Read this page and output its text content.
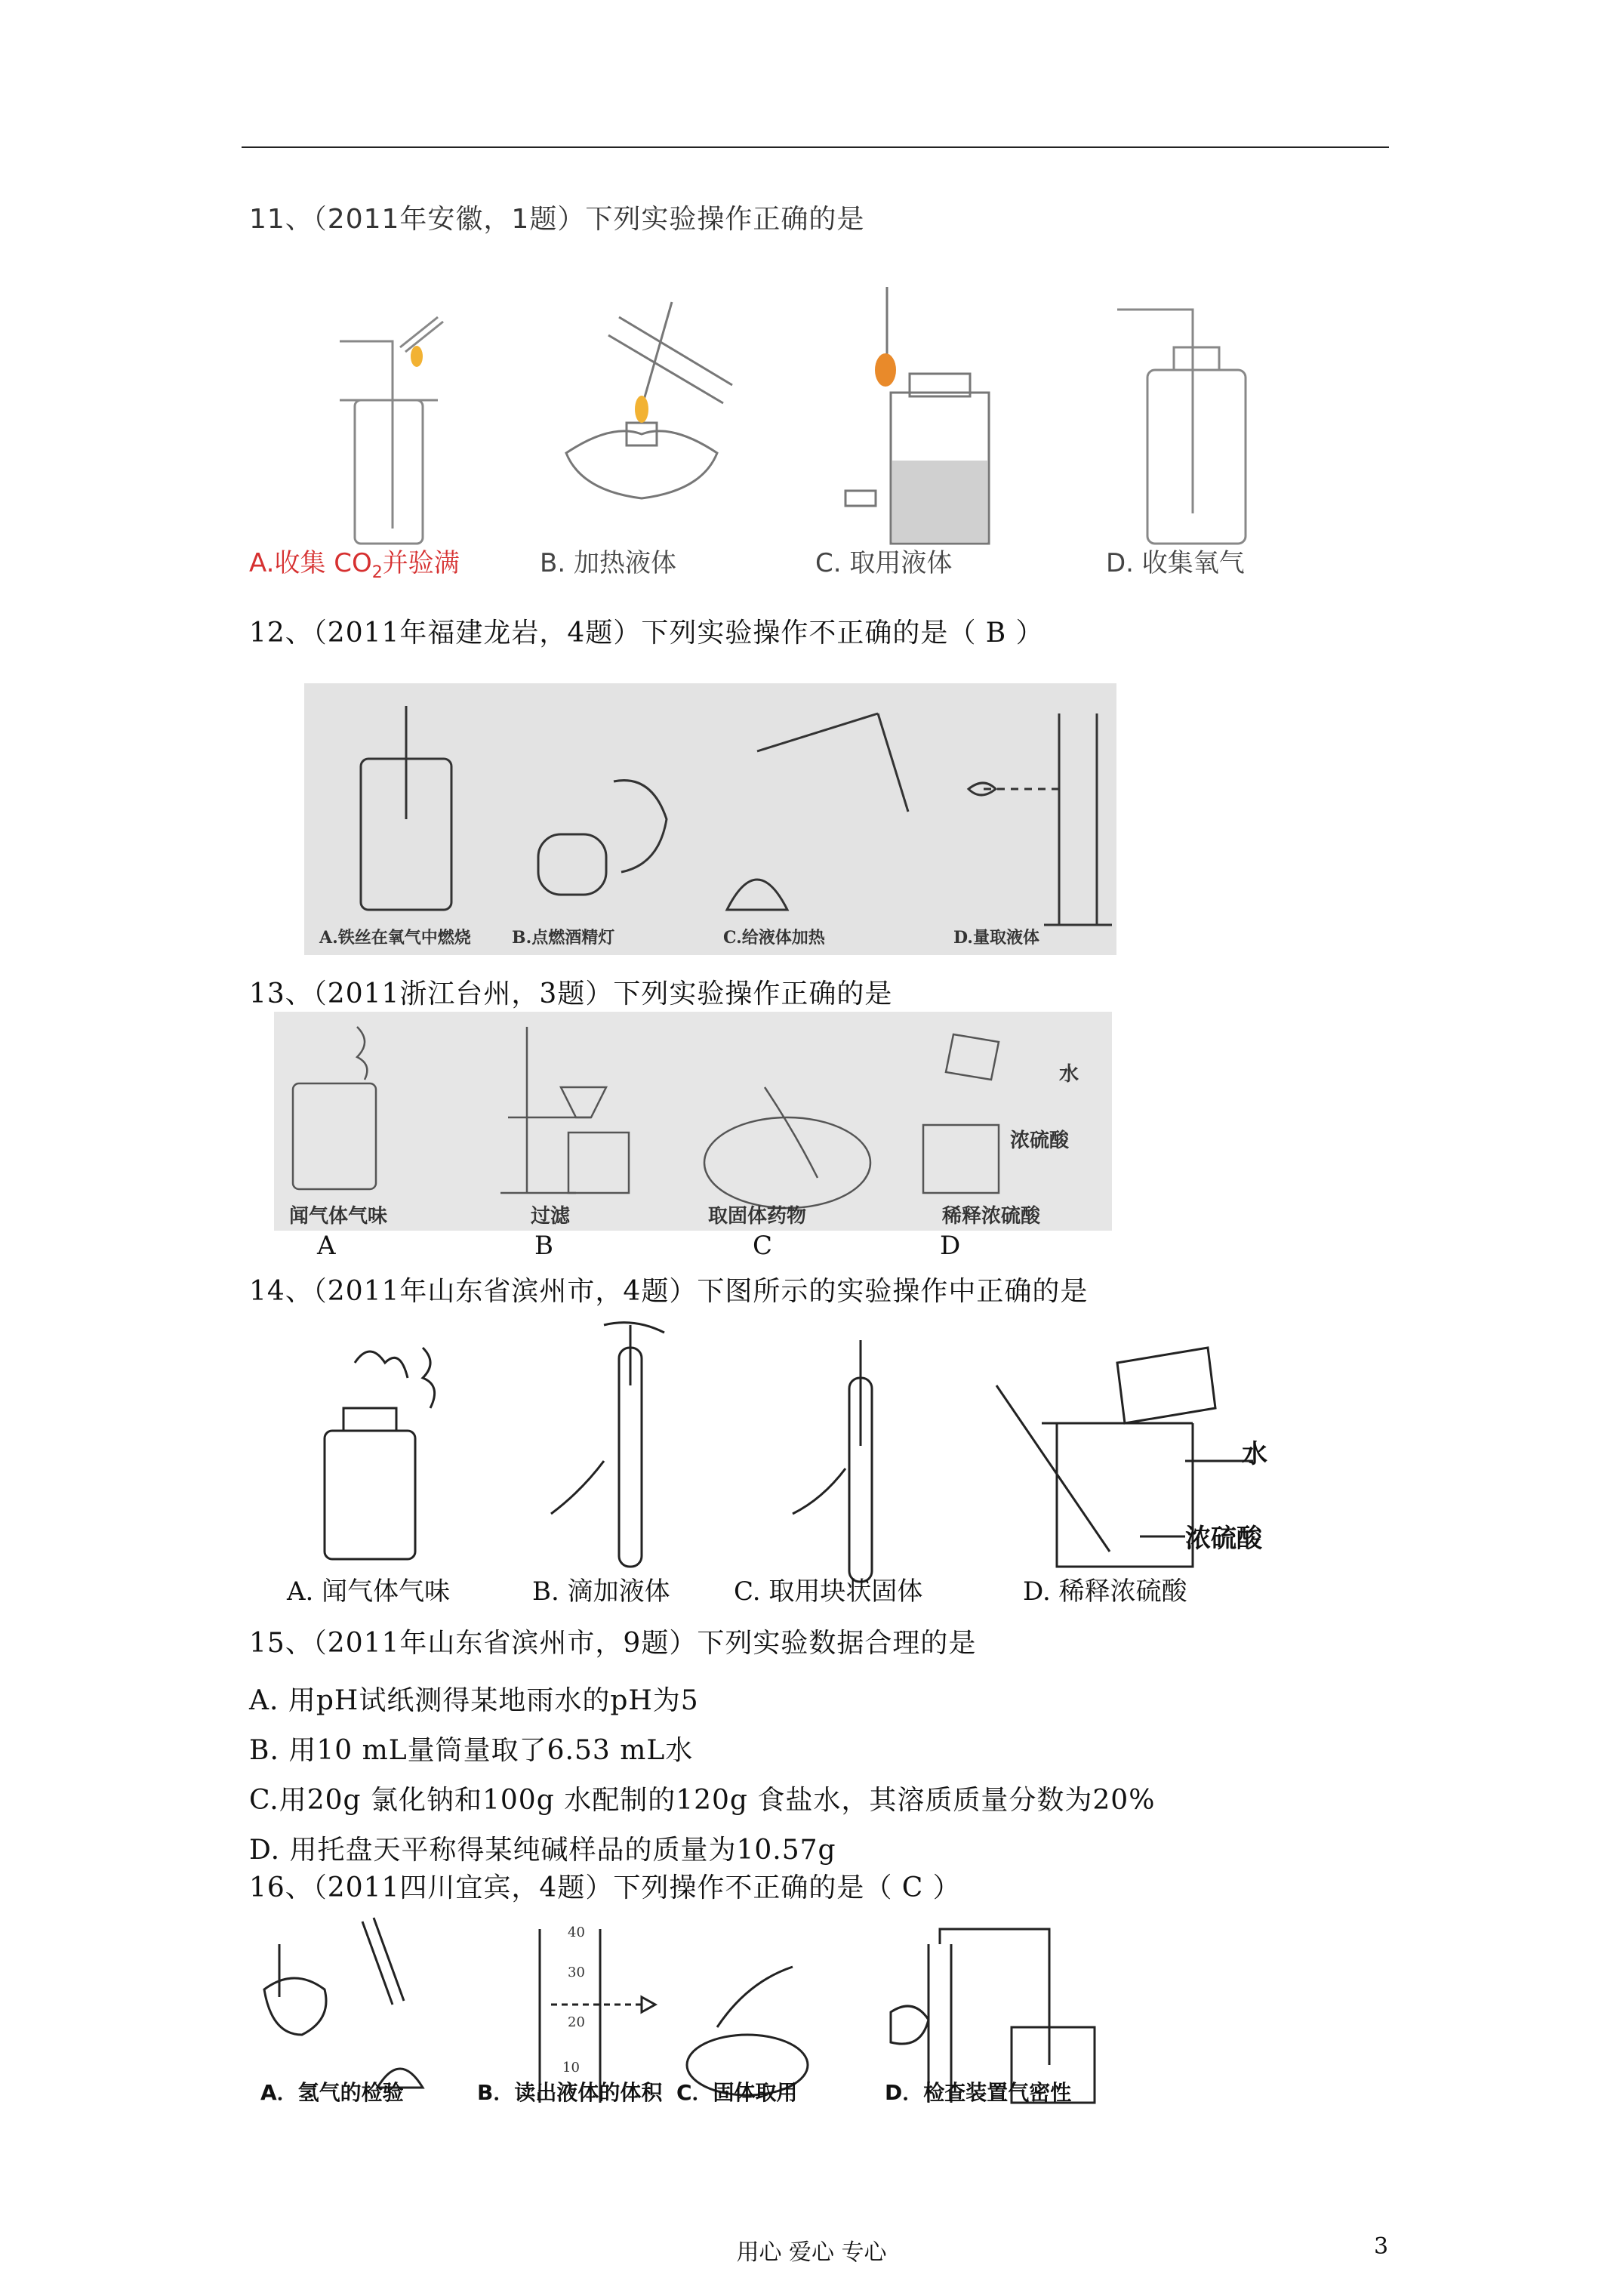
11、（2011年安徽，1题）下列实验操作正确的是
A.收集 $CO_2$并验满	B. 加热液体	C. 取用液体	D. 收集氧气
12、（2011年福建龙岩，4题）下列实验操作不正确的是（ B ）
A.铁丝在氧气中燃烧 B.点燃酒精灯	C.给液体加热	D.量取液体
13、（2011浙江台州，3题）下列实验操作正确的是
闻气体气味	过滤	取固体药物	稀释浓硫酸
水
浓硫酸
A	B	C	D
14、（2011年山东省滨州市，4题）下图所示的实验操作中正确的是
水
浓硫酸
A. 闻气体气味	B. 滴加液体 C. 取用块状固体	D. 稀释浓硫酸
15、（2011年山东省滨州市，9题）下列实验数据合理的是
A. 用pH试纸测得某地雨水的pH为5
B. 用10 mL量筒量取了6.53 mL水
C.用20g 氯化钠和100g 水配制的120g 食盐水，其溶质质量分数为20%
D. 用托盘天平称得某纯碱样品的质量为10.57g
16、（2011四川宜宾，4题）下列操作不正确的是（ C ）
40
30
20
10
A．氢气的检验	B．读出液体的体积 C．固体取用	D．检查装置气密性
用心 爱心 专心	3
